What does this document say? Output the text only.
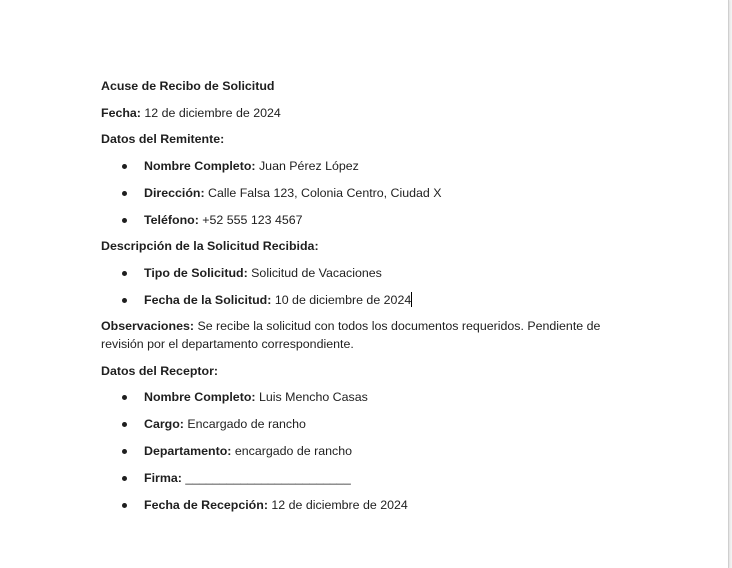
Acuse de Recibo de Solicitud

Fecha: 12 de diciembre de 2024

Datos del Remitente:

Nombre Completo: Juan Pérez López
Dirección: Calle Falsa 123, Colonia Centro, Ciudad X
Teléfono: +52 555 123 4567

Descripción de la Solicitud Recibida:

Tipo de Solicitud: Solicitud de Vacaciones
Fecha de la Solicitud: 10 de diciembre de 2024

Observaciones: Se recibe la solicitud con todos los documentos requeridos. Pendiente de revisión por el departamento correspondiente.

Datos del Receptor:

Nombre Completo: Luis Mencho Casas
Cargo: Encargado de rancho
Departamento: encargado de rancho
Firma: ________________________
Fecha de Recepción: 12 de diciembre de 2024
